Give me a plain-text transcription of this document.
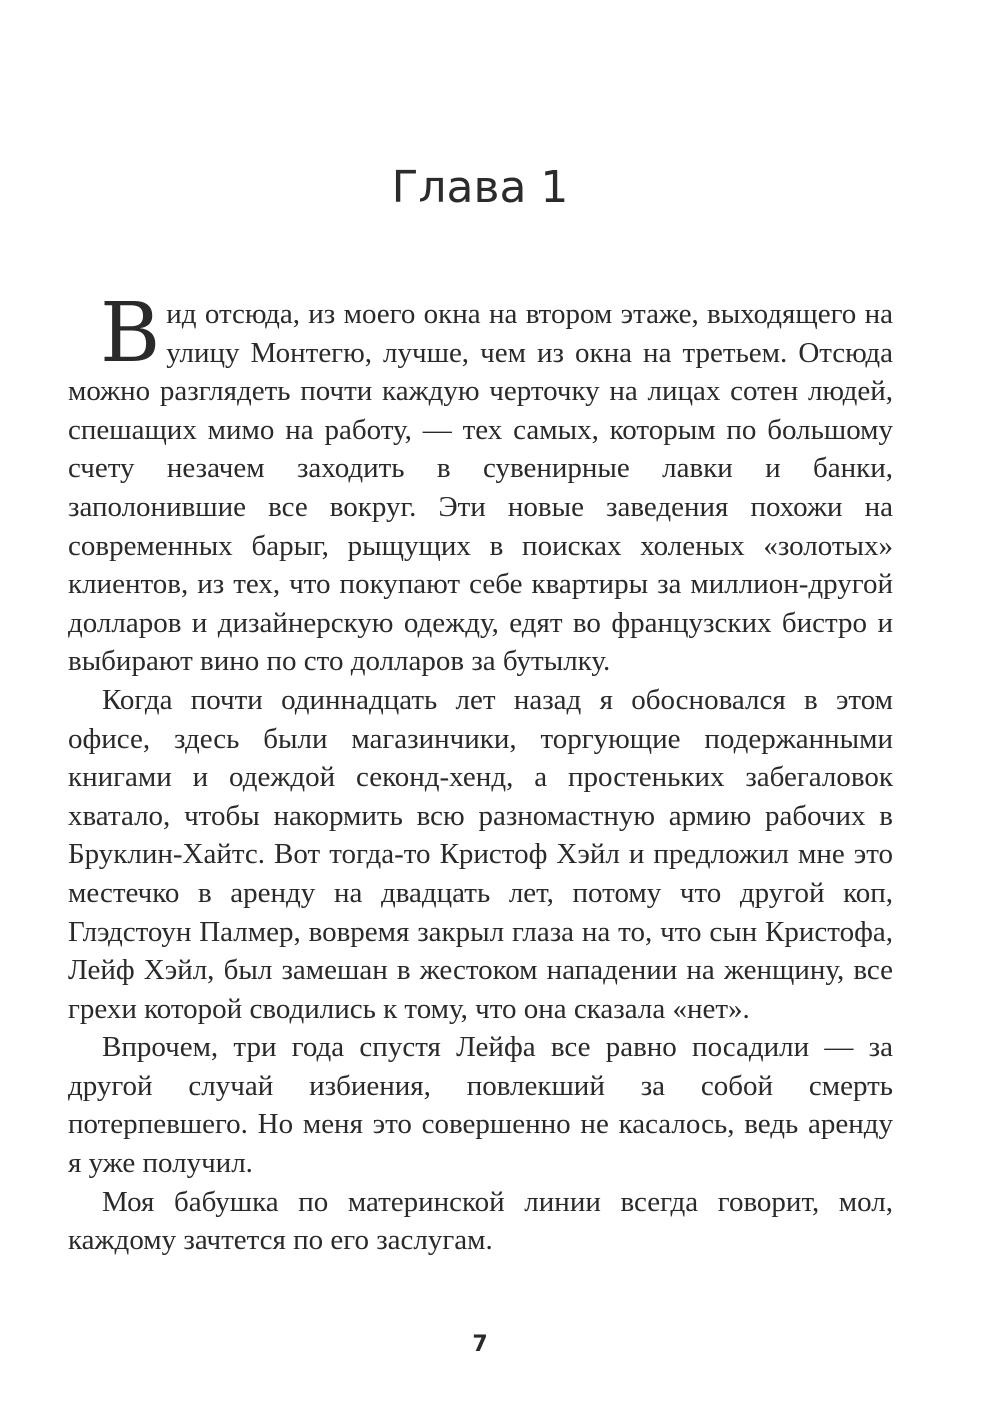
Глава 1

Вид отсюда, из моего окна на втором этаже, выходящего на улицу Монтегю, лучше, чем из окна на третьем. Отсюда можно разглядеть почти каждую черточку на лицах сотен людей, спешащих мимо на работу, — тех самых, которым по большому счету незачем заходить в сувенирные лавки и банки, заполонившие все вокруг. Эти новые заведения похожи на современных барыг, рыщущих в поисках холеных «золотых» клиентов, из тех, что покупают себе квартиры за миллион-другой долларов и дизайнерскую одежду, едят во французских бистро и выбирают вино по сто долларов за бутылку.

Когда почти одиннадцать лет назад я обосновался в этом офисе, здесь были магазинчики, торгующие подержанными книгами и одеждой секонд-хенд, а простеньких забегаловок хватало, чтобы накормить всю разномастную армию рабочих в Бруклин-Хайтс. Вот тогда-то Кристоф Хэйл и предложил мне это местечко в аренду на двадцать лет, потому что другой коп, Глэдстоун Палмер, вовремя закрыл глаза на то, что сын Кристофа, Лейф Хэйл, был замешан в жестоком нападении на женщину, все грехи которой сводились к тому, что она сказала «нет».

Впрочем, три года спустя Лейфа все равно посадили — за другой случай избиения, повлекший за собой смерть потерпевшего. Но меня это совершенно не касалось, ведь аренду я уже получил.

Моя бабушка по материнской линии всегда говорит, мол, каждому зачтется по его заслугам.

7
